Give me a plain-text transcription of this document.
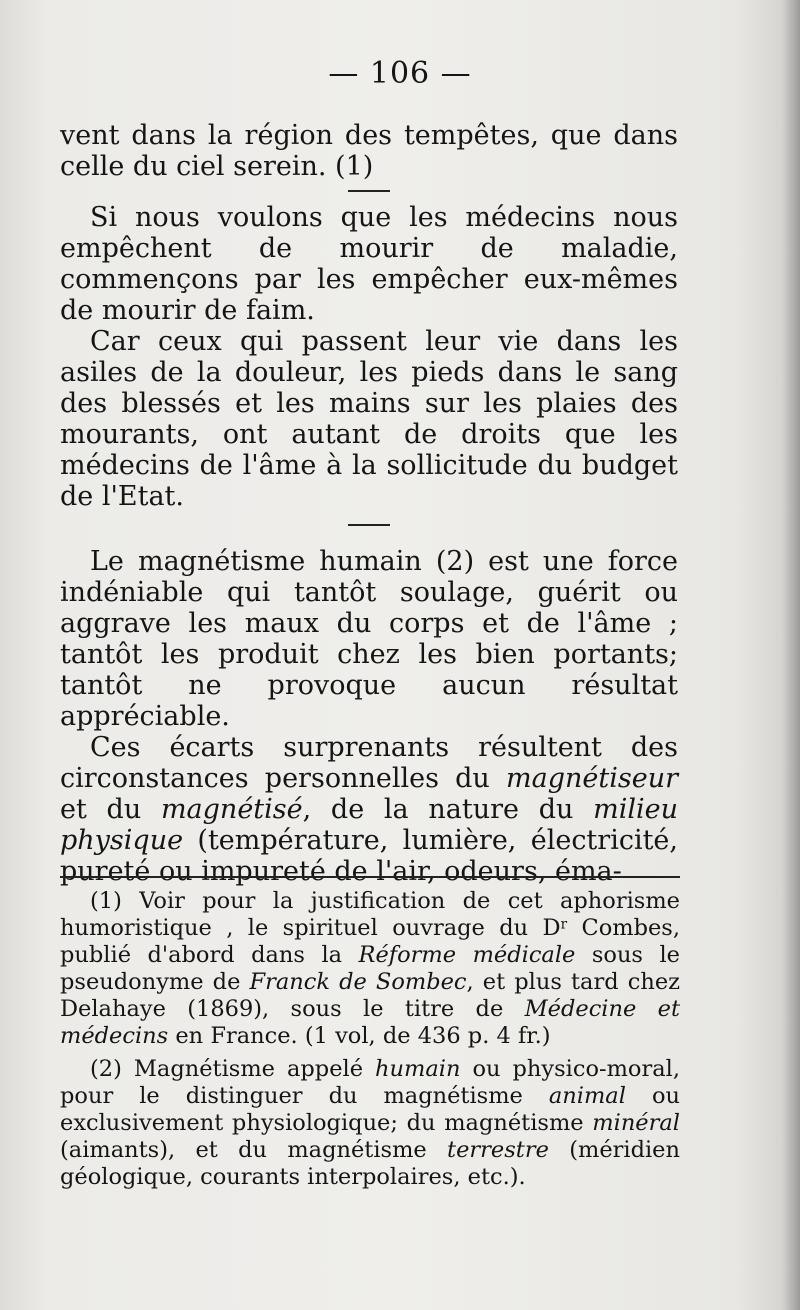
— 106 —

vent dans la région des tempêtes, que dans celle du ciel serein. (1)

Si nous voulons que les médecins nous empêchent de mourir de maladie, commençons par les empêcher eux-mêmes de mourir de faim.

Car ceux qui passent leur vie dans les asiles de la douleur, les pieds dans le sang des blessés et les mains sur les plaies des mourants, ont autant de droits que les médecins de l'âme à la sollicitude du budget de l'Etat.

Le magnétisme humain (2) est une force indéniable qui tantôt soulage, guérit ou aggrave les maux du corps et de l'âme ; tantôt les produit chez les bien portants; tantôt ne provoque aucun résultat appréciable.

Ces écarts surprenants résultent des circonstances personnelles du magnétiseur et du magnétisé, de la nature du milieu physique (température, lumière, électricité, pureté ou impureté de l'air, odeurs, éma-

(1) Voir pour la justification de cet aphorisme humoristique , le spirituel ouvrage du $D^r$ Combes, publié d'abord dans la Réforme médicale sous le pseudonyme de Franck de Sombec, et plus tard chez Delahaye (1869), sous le titre de Médecine et médecins en France. (1 vol, de 436 p. 4 fr.)

(2) Magnétisme appelé humain ou physico-moral, pour le distinguer du magnétisme animal ou exclusivement physiologique; du magnétisme minéral (aimants), et du magnétisme terrestre (méridien géologique, courants interpolaires, etc.).
